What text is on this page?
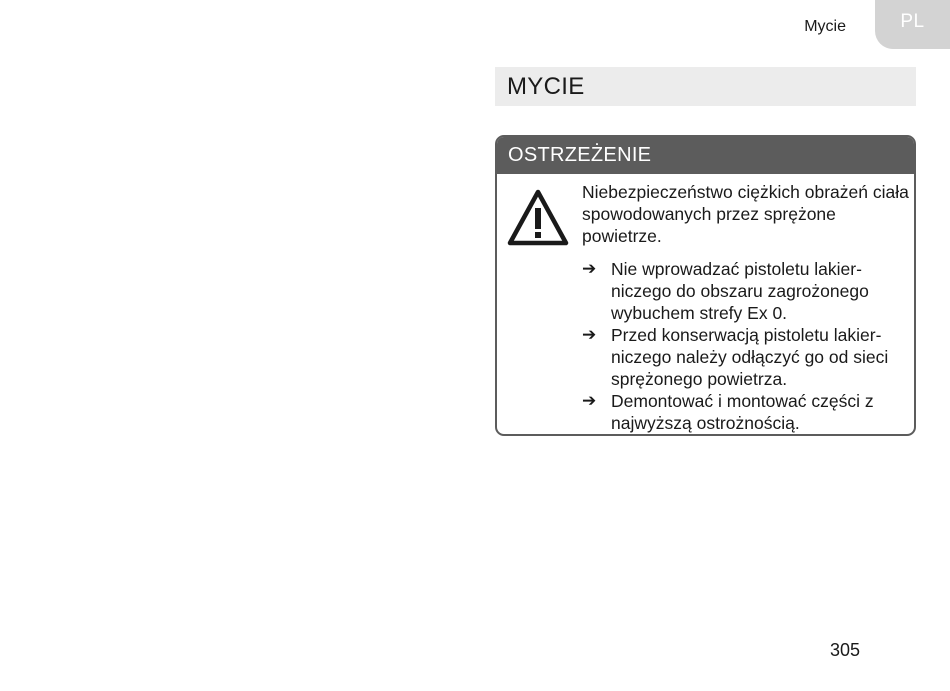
Mycie	PL
MYCIE
OSTRZEŻENIE

Niebezpieczeństwo ciężkich obrażeń ciała spowodowanych przez sprężone powietrze.

➔ Nie wprowadzać pistoletu lakier-niczego do obszaru zagrożonego wybuchem strefy Ex 0.
➔ Przed konserwacją pistoletu lakier-niczego należy odłączyć go od sieci sprężonego powietrza.
➔ Demontować i montować części z najwyższą ostrożnością.
305
